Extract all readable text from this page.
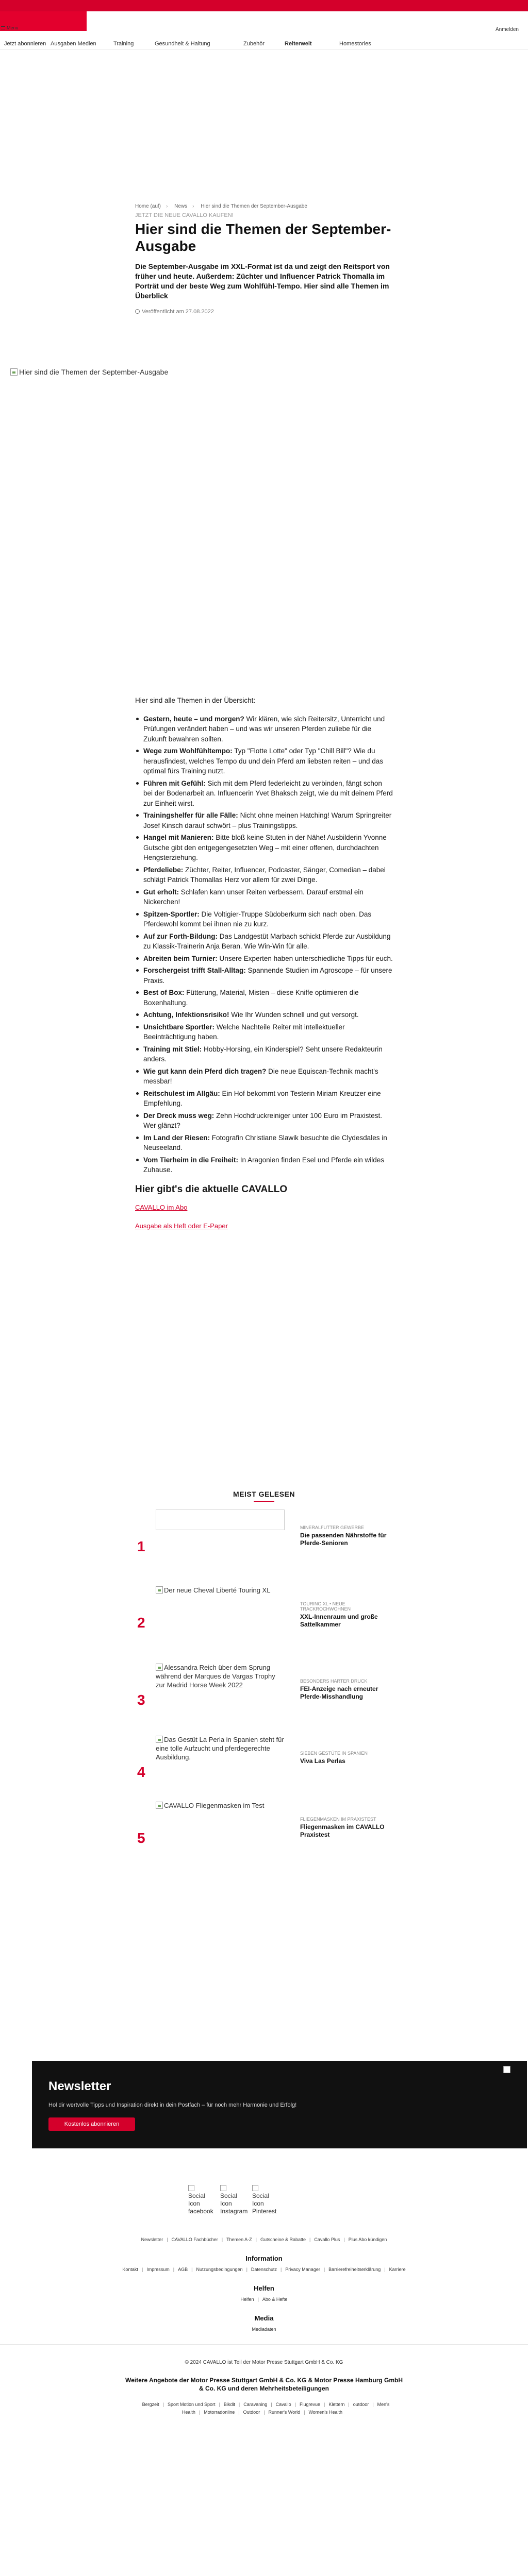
Menu	Anmelden
Jetzt abonnieren Ausgaben Medien	Training	Gesundheit & Haltung	Zubehör	Reiterwelt	Homestories
Home (auf) › News › Hier sind die Themen der September-Ausgabe
JETZT DIE NEUE CAVALLO KAUFEN!
Hier sind die Themen der September-Ausgabe

Die September-Ausgabe im XXL-Format ist da und zeigt den Reitsport von früher und heute. Außerdem: Züchter und Influencer Patrick Thomalla im Porträt und der beste Weg zum Wohlfühl-Tempo. Hier sind alle Themen im Überblick

Veröffentlicht am 27.08.2022
Hier sind die Themen der September-Ausgabe

Hier sind alle Themen in der Übersicht:

Gestern, heute – und morgen? Wir klären, wie sich Reitersitz, Unterricht und Prüfungen verändert haben – und was wir unseren Pferden zuliebe für die Zukunft bewahren sollten.
Wege zum Wohlfühltempo: Typ "Flotte Lotte" oder Typ "Chill Bill"? Wie du herausfindest, welches Tempo du und dein Pferd am liebsten reiten – und das optimal fürs Training nutzt.
Führen mit Gefühl: Sich mit dem Pferd federleicht zu verbinden, fängt schon bei der Bodenarbeit an. Influencerin Yvet Bhaksch zeigt, wie du mit deinem Pferd zur Einheit wirst.
Trainingshelfer für alle Fälle: Nicht ohne meinen Hatching! Warum Springreiter Josef Kinsch darauf schwört – plus Trainingstipps.
Hangel mit Manieren: Bitte bloß keine Stuten in der Nähe! Ausbilderin Yvonne Gutsche gibt den entgegengesetzten Weg – mit einer offenen, durchdachten Hengsterziehung.
Pferdeliebe: Züchter, Reiter, Influencer, Podcaster, Sänger, Comedian – dabei schlägt Patrick Thomallas Herz vor allem für zwei Dinge.
Gut erholt: Schlafen kann unser Reiten verbessern. Darauf erstmal ein Nickerchen!
Spitzen-Sportler: Die Voltigier-Truppe Südoberkurm sich nach oben. Das Pferdewohl kommt bei ihnen nie zu kurz.
Auf zur Forth-Bildung: Das Landgestüt Marbach schickt Pferde zur Ausbildung zu Klassik-Trainerin Anja Beran. Wie Win-Win für alle.
Abreiten beim Turnier: Unsere Experten haben unterschiedliche Tipps für euch.
Forschergeist trifft Stall-Alltag: Spannende Studien im Agroscope – für unsere Praxis.
Best of Box: Fütterung, Material, Misten – diese Kniffe optimieren die Boxenhaltung.
Achtung, Infektionsrisiko! Wie Ihr Wunden schnell und gut versorgt.
Unsichtbare Sportler: Welche Nachteile Reiter mit intellektueller Beeinträchtigung haben.
Training mit Stiel: Hobby-Horsing, ein Kinderspiel? Seht unsere Redakteurin anders.
Wie gut kann dein Pferd dich tragen? Die neue Equiscan-Technik macht's messbar!
Reitschulest im Allgäu: Ein Hof bekommt von Testerin Miriam Kreutzer eine Empfehlung.
Der Dreck muss weg: Zehn Hochdruckreiniger unter 100 Euro im Praxistest. Wer glänzt?
Im Land der Riesen: Fotografin Christiane Slawik besuchte die Clydesdales in Neuseeland.
Vom Tierheim in die Freiheit: In Aragonien finden Esel und Pferde ein wildes Zuhause.
Hier gibt's die aktuelle CAVALLO
CAVALLO im Abo
Ausgabe als Heft oder E-Paper
MEIST GELESEN
1
MINERALFUTTER GEWERBE
Die passenden Nährstoffe für Pferde-Senioren
2
Der neue Cheval Liberté Touring XL
TOURING XL • NEUE TRACKROCHWOHNEN
XXL-Innenraum und große Sattelkammer
3
Alessandra Reich über dem Sprung während der Marques de Vargas Trophy zur Madrid Horse Week 2022	BESONDERS HARTER DRUCK
FEI-Anzeige nach erneuter Pferde-Misshandlung
4
Das Gestüt La Perla in Spanien steht für eine tolle Aufzucht und pferdegerechte Ausbildung.	SIEBEN GESTÜTE IN SPANIEN
Viva Las Perlas
5
CAVALLO Fliegenmasken im Test
FLIEGENMASKEN IM PRAXISTEST
Fliegenmasken im CAVALLO Praxistest
Newsletter
Hol dir wertvolle Tipps und Inspiration direkt in dein Postfach – für noch mehr Harmonie und Erfolg!
Kostenlos abonnieren
Social Icon facebook
Social Icon Instagram
Social Icon Pinterest
Newsletter | CAVALLO Fachbücher | Themen A-Z | Gutscheine & Rabatte | Cavallo Plus | Plus Abo kündigen
Information
Kontakt | Impressum | AGB | Nutzungsbedingungen | Datenschutz | Privacy Manager | Barrierefreiheitserklärung | Karriere
Helfen
Helfen | Abo & Hefte
Media
Mediadaten
© 2024 CAVALLO ist Teil der Motor Presse Stuttgart GmbH & Co. KG
Weitere Angebote der Motor Presse Stuttgart GmbH & Co. KG & Motor Presse Hamburg GmbH & Co. KG und deren Mehrheitsbeteiligungen
Bergzeit | Sport Motion und Sport | Bikdit | Caravaning | Cavallo | Flugrevue | Klettern | outdoor | Men's Health | Motorradonline | Outdoor | Runner's World | Women's Health
